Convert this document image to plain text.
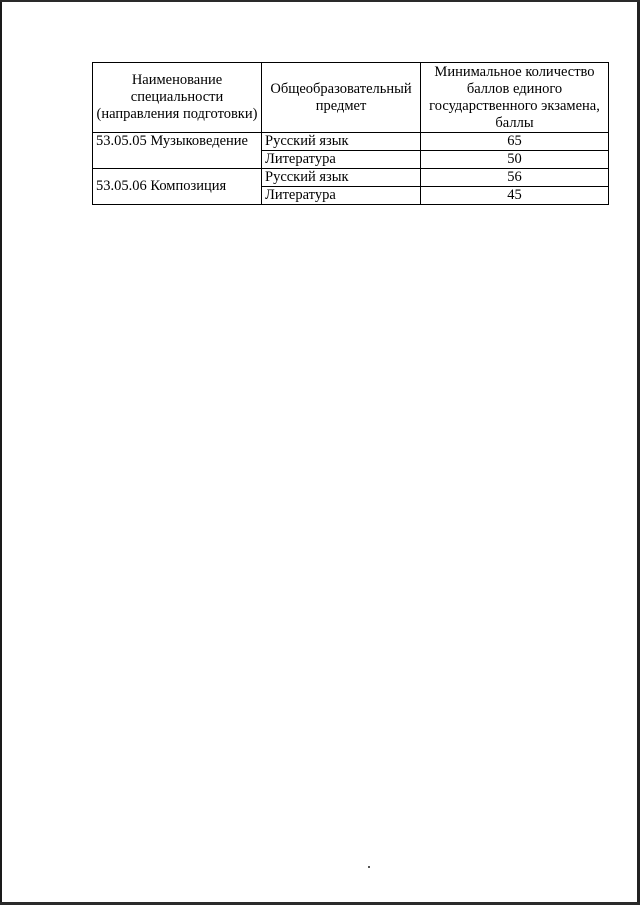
Наименование специальности (направления подготовки)	Общеобразовательный предмет	Минимальное количество баллов единого государственного экзамена, баллы
53.05.05 Музыковедение	Русский язык	65
	Литература	50
53.05.06 Композиция	Русский язык	56
	Литература	45
